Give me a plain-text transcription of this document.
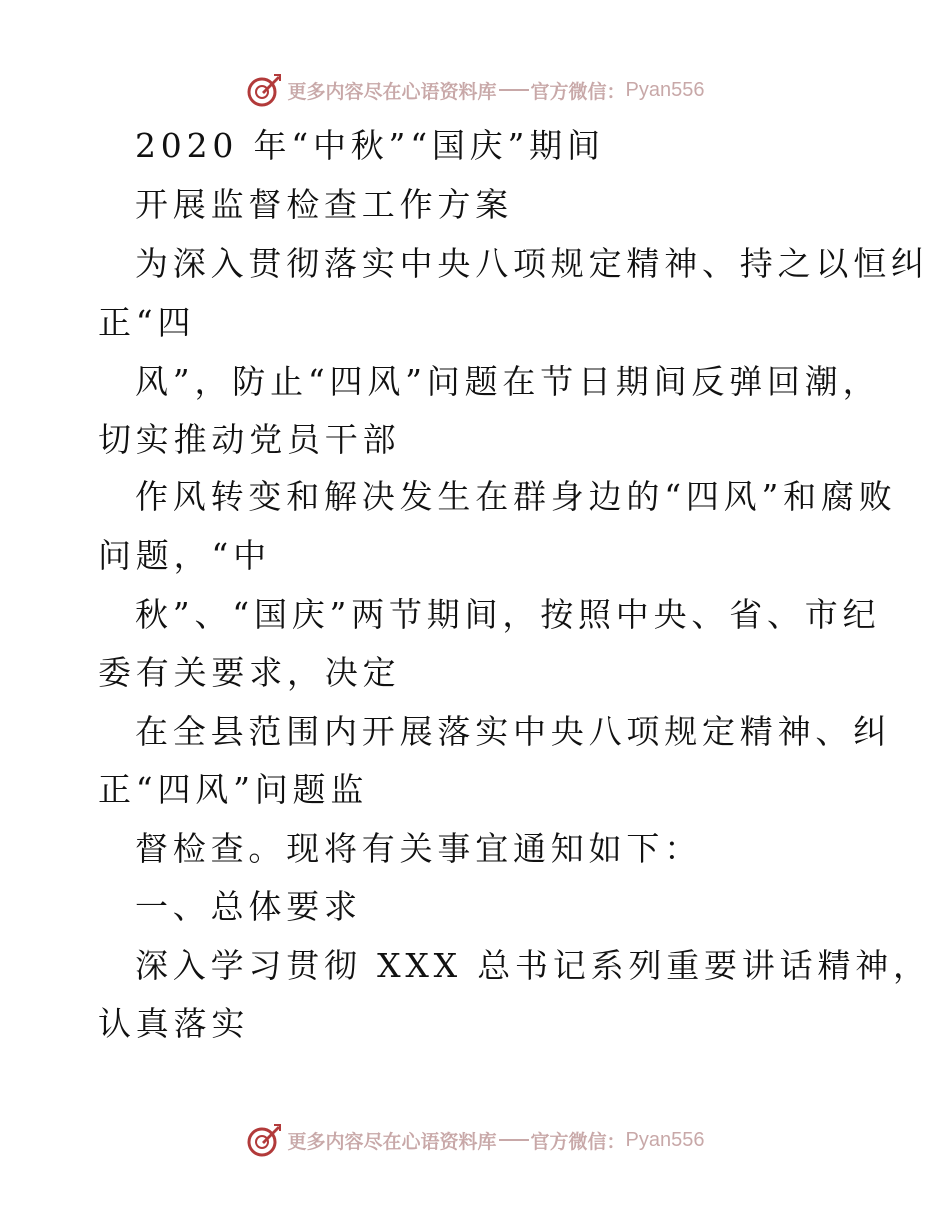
更多内容尽在心语资料库 官方微信： Pyan556
2020 年“中秋”“国庆”期间
开展监督检查工作方案
为深入贯彻落实中央八项规定精神、持之以恒纠
正“四
风”，防止“四风”问题在节日期间反弹回潮，
切实推动党员干部
作风转变和解决发生在群身边的“四风”和腐败
问题，“中
秋”、“国庆”两节期间，按照中央、省、市纪
委有关要求，决定
在全县范围内开展落实中央八项规定精神、纠
正“四风”问题监
督检查。现将有关事宜通知如下：
一、总体要求
深入学习贯彻 XXX 总书记系列重要讲话精神，
认真落实
更多内容尽在心语资料库 官方微信： Pyan556
